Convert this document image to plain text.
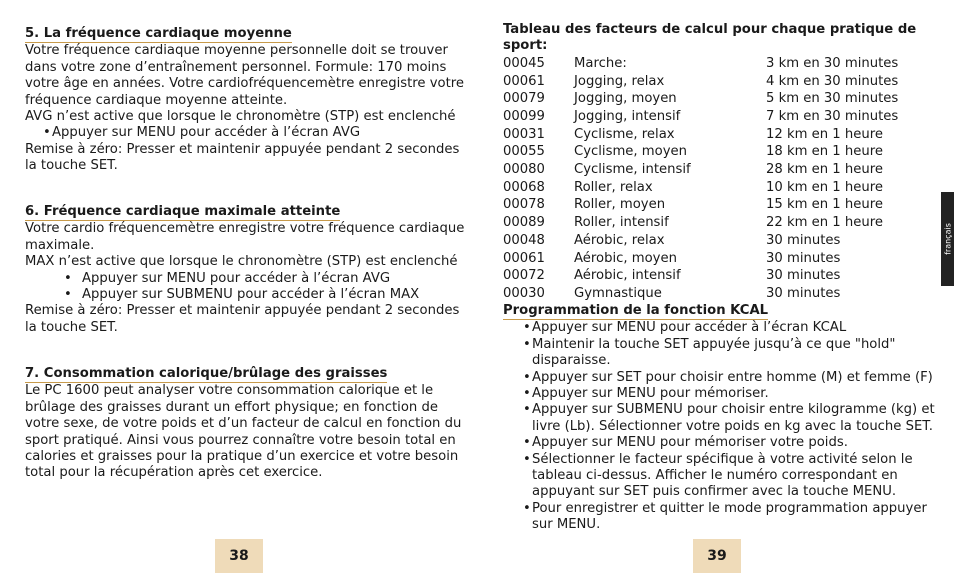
5. La fréquence cardiaque moyenne

Votre fréquence cardiaque moyenne personnelle doit se trouver dans votre zone d’entraînement personnel. Formule: 170 moins votre âge en années. Votre cardiofréquencemètre enregistre votre fréquence cardiaque moyenne atteinte.

AVG n’est active que lorsque le chronomètre (STP) est enclenché

• Appuyer sur MENU pour accéder à l’écran AVG

Remise à zéro: Presser et maintenir appuyée pendant 2 secondes la touche SET.

6. Fréquence cardiaque maximale atteinte

Votre cardio fréquencemètre enregistre votre fréquence cardiaque maximale.

MAX n’est active que lorsque le chronomètre (STP) est enclenché

• Appuyer sur MENU pour accéder à l’écran AVG

• Appuyer sur SUBMENU pour accéder à l’écran MAX

Remise à zéro: Presser et maintenir appuyée pendant 2 secondes la touche SET.

7. Consommation calorique/brûlage des graisses

Le PC 1600 peut analyser votre consommation calorique et le brûlage des graisses durant un effort physique; en fonction de votre sexe, de votre poids et d’un facteur de calcul en fonction du sport pratiqué. Ainsi vous pourrez connaître votre besoin total en calories et graisses pour la pratique d’un exercice et votre besoin total pour la récupération après cet exercice.

38
Tableau des facteurs de calcul pour chaque pratique de sport:
00045	Marche:	3 km en 30 minutes
00061	Jogging, relax	4 km en 30 minutes
00079	Jogging, moyen	5 km en 30 minutes
00099	Jogging, intensif	7 km en 30 minutes
00031	Cyclisme, relax	12 km en 1 heure
00055	Cyclisme, moyen	18 km en 1 heure
00080	Cyclisme, intensif	28 km en 1 heure
00068	Roller, relax	10 km en 1 heure
00078	Roller, moyen	15 km en 1 heure
00089	Roller, intensif	22 km en 1 heure
00048	Aérobic, relax	30 minutes
00061	Aérobic, moyen	30 minutes
00072	Aérobic, intensif	30 minutes
00030	Gymnastique	30 minutes
Programmation de la fonction KCAL

• Appuyer sur MENU pour accéder à l’écran KCAL

• Maintenir la touche SET appuyée jusqu’à ce que "hold" disparaisse.

• Appuyer sur SET pour choisir entre homme (M) et femme (F)

• Appuyer sur MENU pour mémoriser.

• Appuyer sur SUBMENU pour choisir entre kilogramme (kg) et livre (Lb). Sélectionner votre poids en kg avec la touche SET.

• Appuyer sur MENU pour mémoriser votre poids.

• Sélectionner le facteur spécifique à votre activité selon le tableau ci-dessus. Afficher le numéro correspondant en appuyant sur SET puis confirmer avec la touche MENU.

• Pour enregistrer et quitter le mode programmation appuyer sur MENU.

39
français
